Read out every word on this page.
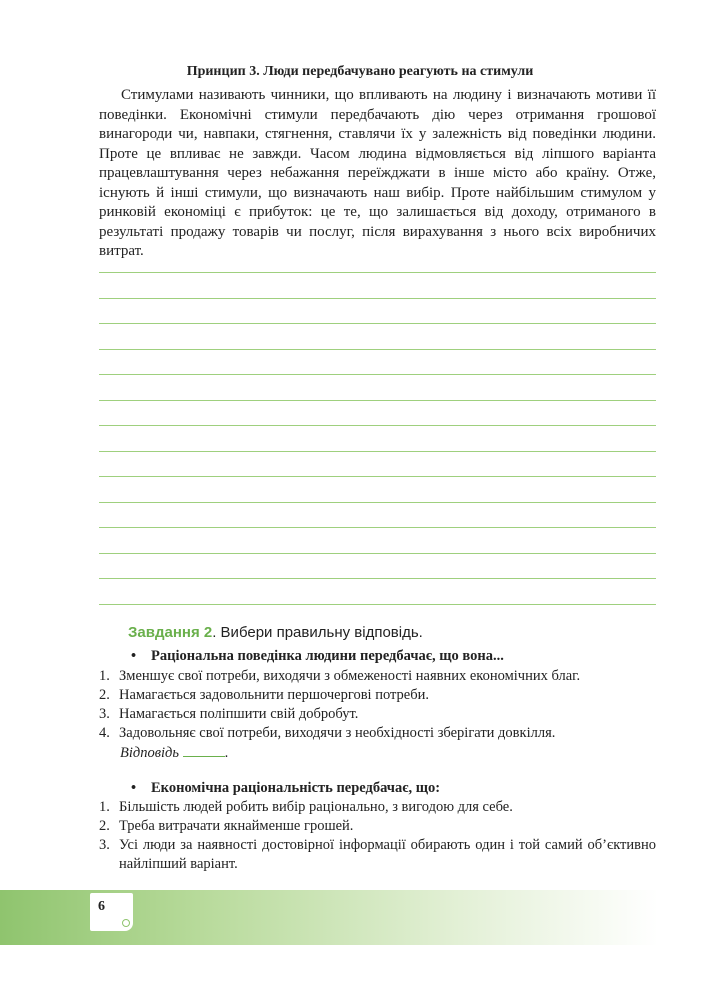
Принцип 3. Люди передбачувано реагують на стимули

Стимулами називають чинники, що впливають на людину і визначають мотиви її поведінки. Економічні стимули передбачають дію через отримання грошової винагороди чи, навпаки, стягнення, ставлячи їх у залежність від поведінки людини. Проте це впливає не завжди. Часом людина відмовляється від ліпшого варіанта працевлаштування через небажання переїжджати в інше місто або країну. Отже, існують й інші стимули, що визначають наш вибір. Проте найбільшим стимулом у ринковій економіці є прибуток: це те, що залишається від доходу, отриманого в результаті продажу товарів чи послуг, після вирахування з нього всіх виробничих витрат.

Завдання 2. Вибери правильну відповідь.
• Раціональна поведінка людини передбачає, що вона...
1. Зменшує свої потреби, виходячи з обмеженості наявних економічних благ.
2. Намагається задовольнити першочергові потреби.
3. Намагається поліпшити свій добробут.
4. Задовольняє свої потреби, виходячи з необхідності зберігати довкілля.
Відповідь	.
• Економічна раціональність передбачає, що:
1. Більшість людей робить вибір раціонально, з вигодою для себе.
2. Треба витрачати якнайменше грошей.
3. Усі люди за наявності достовірної інформації обирають один і той самий об’єктивно найліпший варіант.
6
